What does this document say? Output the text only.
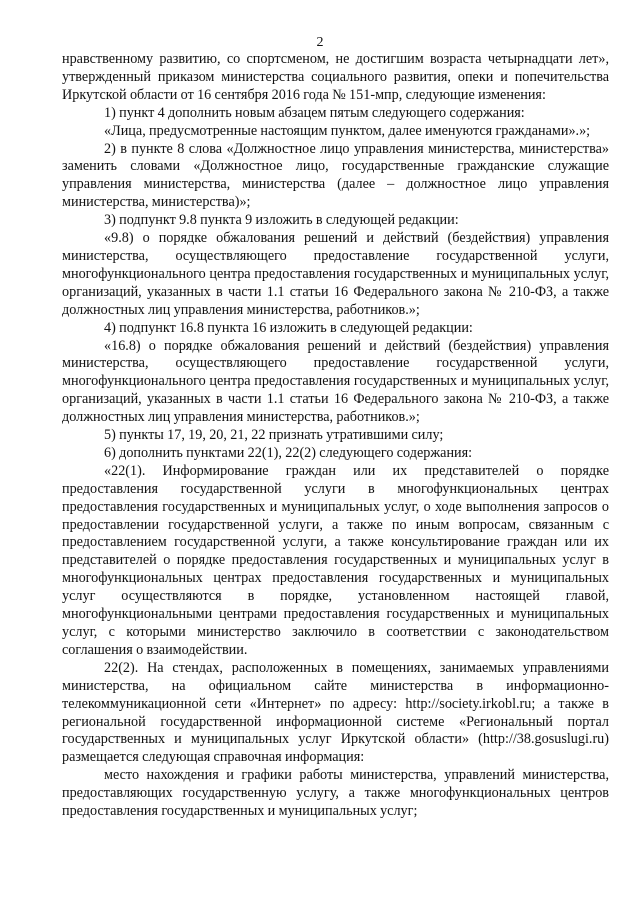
2

нравственному развитию, со спортсменом, не достигшим возраста четырнадцати лет», утвержденный приказом министерства социального развития, опеки и попечительства Иркутской области от 16 сентября 2016 года № 151-мпр, следующие изменения:

1) пункт 4 дополнить новым абзацем пятым следующего содержания:

«Лица, предусмотренные настоящим пунктом, далее именуются гражданами».»;

2) в пункте 8 слова «Должностное лицо управления министерства, министерства» заменить словами «Должностное лицо, государственные гражданские служащие управления министерства, министерства (далее – должностное лицо управления министерства, министерства)»;

3) подпункт 9.8 пункта 9 изложить в следующей редакции:

«9.8) о порядке обжалования решений и действий (бездействия) управления министерства, осуществляющего предоставление государственной услуги, многофункционального центра предоставления государственных и муниципальных услуг, организаций, указанных в части 1.1 статьи 16 Федерального закона № 210-ФЗ, а также должностных лиц управления министерства, работников.»;

4) подпункт 16.8 пункта 16 изложить в следующей редакции:

«16.8) о порядке обжалования решений и действий (бездействия) управления министерства, осуществляющего предоставление государственной услуги, многофункционального центра предоставления государственных и муниципальных услуг, организаций, указанных в части 1.1 статьи 16 Федерального закона № 210-ФЗ, а также должностных лиц управления министерства, работников.»;

5) пункты 17, 19, 20, 21, 22 признать утратившими силу;

6) дополнить пунктами 22(1), 22(2) следующего содержания:

«22(1). Информирование граждан или их представителей о порядке предоставления государственной услуги в многофункциональных центрах предоставления государственных и муниципальных услуг, о ходе выполнения запросов о предоставлении государственной услуги, а также по иным вопросам, связанным с предоставлением государственной услуги, а также консультирование граждан или их представителей о порядке предоставления государственных и муниципальных услуг в многофункциональных центрах предоставления государственных и муниципальных услуг осуществляются в порядке, установленном настоящей главой, многофункциональными центрами предоставления государственных и муниципальных услуг, с которыми министерство заключило в соответствии с законодательством соглашения о взаимодействии.

22(2). На стендах, расположенных в помещениях, занимаемых управлениями министерства, на официальном сайте министерства в информационно-телекоммуникационной сети «Интернет» по адресу: http://society.irkobl.ru; а также в региональной государственной информационной системе «Региональный портал государственных и муниципальных услуг Иркутской области» (http://38.gosuslugi.ru) размещается следующая справочная информация:

место нахождения и графики работы министерства, управлений министерства, предоставляющих государственную услугу, а также многофункциональных центров предоставления государственных и муниципальных услуг;
